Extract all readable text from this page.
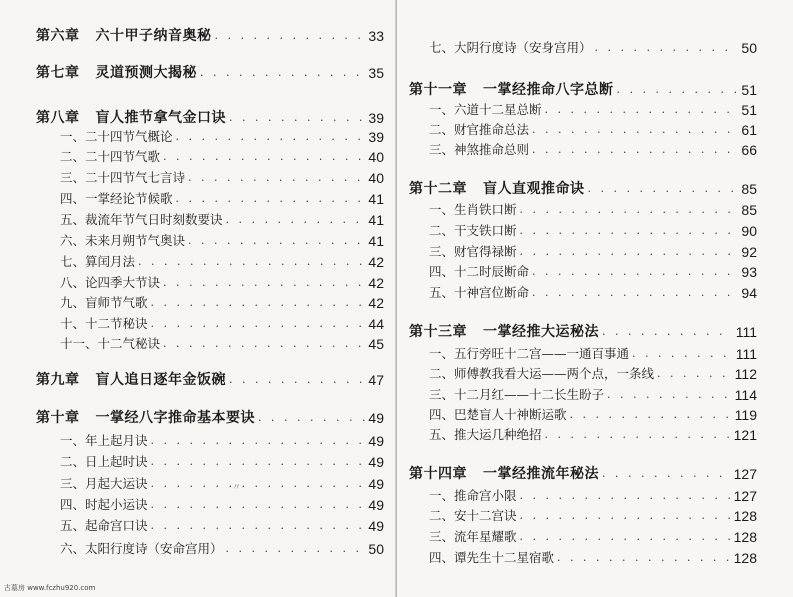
第六章 六十甲子纳音奥秘 . . .	33
第七章 灵道预测大揭秘 . . .	35
第八章 盲人推节拿气金口诀 . . .	39
一、二十四节气概论 . . .	39
二、二十四节气歌 . . .	40
三、二十四节气七言诗 . . .	40
四、一掌经论节候歌 . . .	41
五、裁流年节气日时刻数要诀 . . .	41
六、未来月朔节气奥诀 . . .	41
七、算闰月法 . . .	42
八、论四季大节诀 . . .	42
九、盲师节气歌 . . .	42
十、十二节秘诀 . . .	44
十一、十二气秘诀 . . .	45
第九章 盲人追日逐年金饭碗 . . .	47
第十章 一掌经八字推命基本要诀 . . .	49
一、年上起月诀 . . .	49
二、日上起时诀 . . .	49
三、月起大运诀 . . .	49
四、时起小运诀 . . .	49
五、起命宫口诀 . . .	49
六、太阳行度诗（安命宫用） . . .	50
七、大阴行度诗（安身宫用） . . .	50
第十一章 一掌经推命八字总断 . . .	51
一、六道十二星总断 . . .	51
二、财官推命总法 . . .	61
三、神煞推命总则 . . .	66
第十二章 盲人直观推命诀 . . .	85
一、生肖铁口断 . . .	85
二、干支铁口断 . . .	90
三、财官得禄断 . . .	92
四、十二时辰断命 . . .	93
五、十神宫位断命 . . .	94
第十三章 一掌经推大运秘法 . . .	111
一、五行旁旺十二宫——一通百事通 . . .	111
二、师傅教我看大运——两个点，一条线 . . .	112
三、十二月红——十二长生盼子 . . .	114
四、巴楚盲人十神断运歌 . . .	119
五、推大运几种绝招 . . .	121
第十四章 一掌经推流年秘法 . . .	127
一、推命宫小限 . . .	127
二、安十二宫诀 . . .	128
三、流年星耀歌 . . .	128
四、谭先生十二星宿歌 . . .	128
古墓房 www.fczhu920.com
〃
